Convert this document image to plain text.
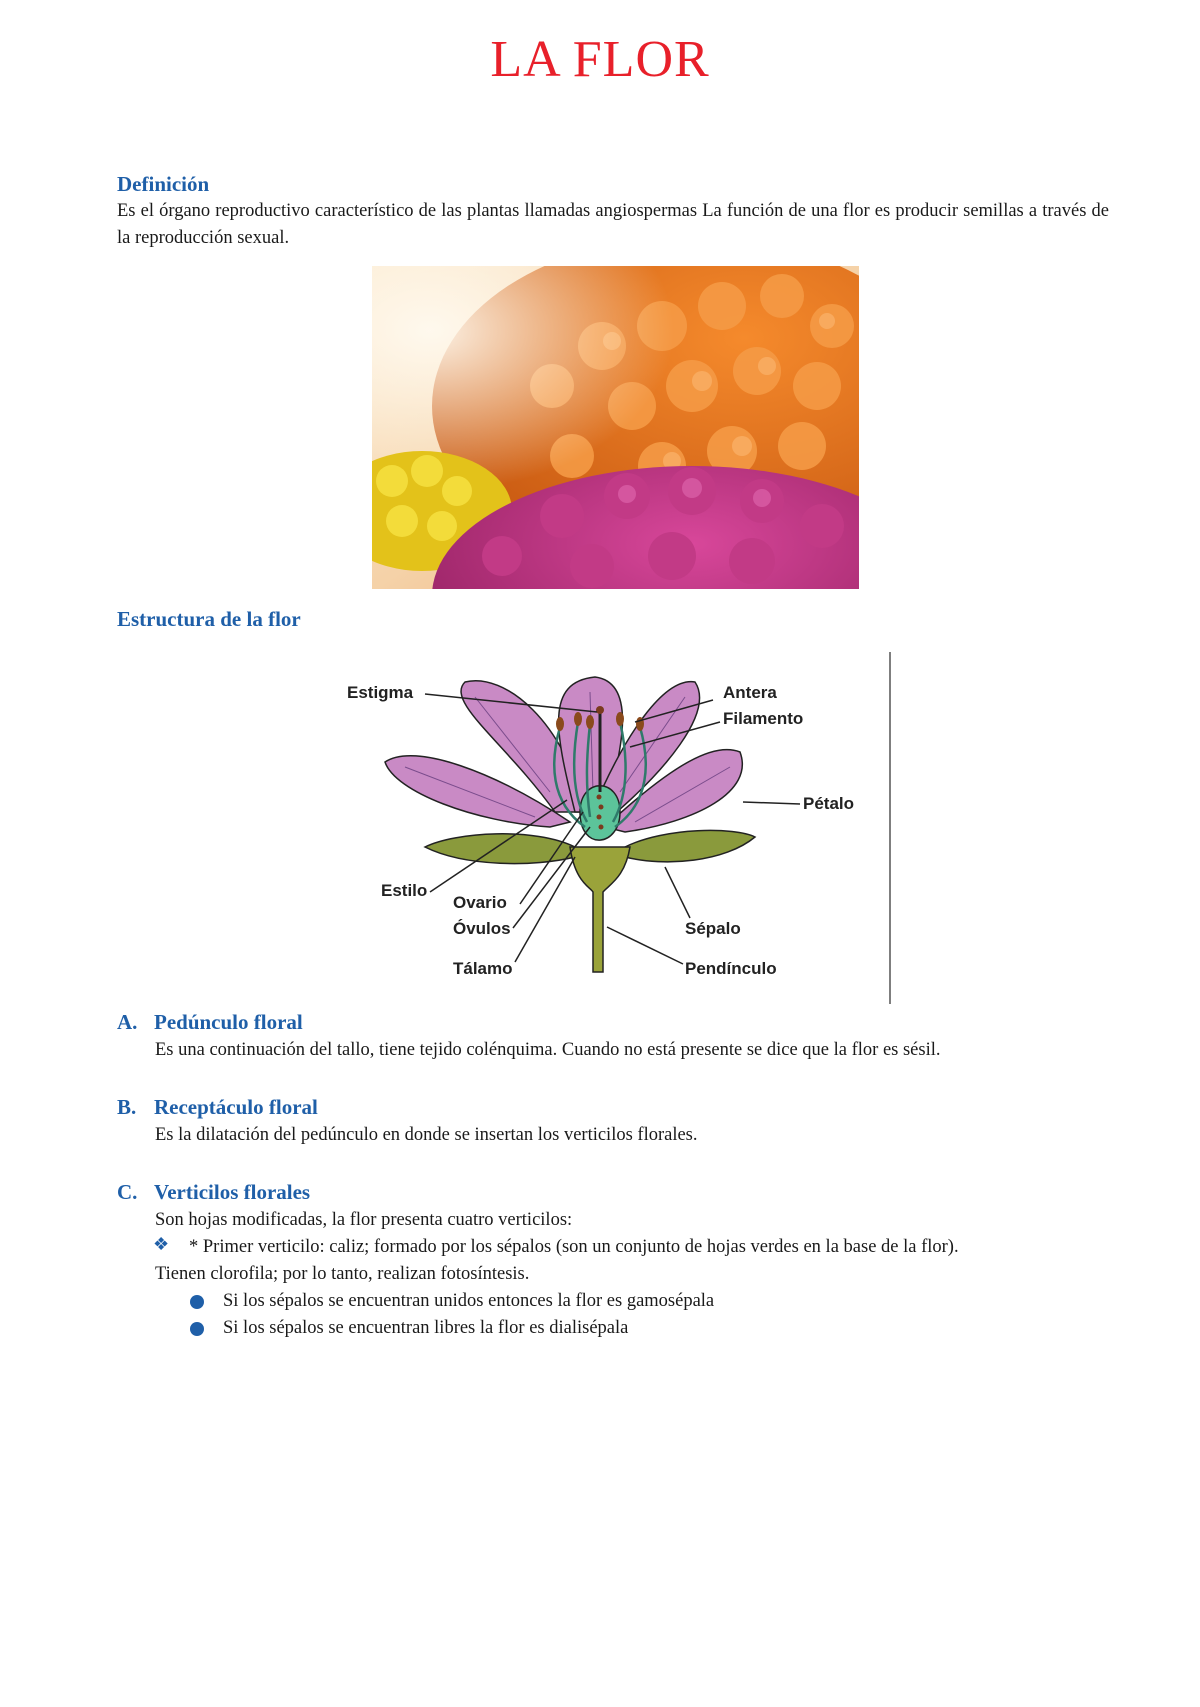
LA FLOR
Definición
Es el órgano reproductivo característico de las plantas llamadas angiospermas La función de una flor es producir semillas a través de la reproducción sexual.
Estructura de la flor
Estigma	Antera
Filamento
Pétalo
Estilo
Ovario
Óvulos	Sépalo
Tálamo	Pendínculo
A. Pedúnculo floral
Es una continuación del tallo, tiene tejido colénquima. Cuando no está presente se dice que la flor es sésil.
B. Receptáculo floral
Es la dilatación del pedúnculo en donde se insertan los verticilos florales.
C. Verticilos florales
Son hojas modificadas, la flor presenta cuatro verticilos:
❖ * Primer verticilo: caliz; formado por los sépalos (son un conjunto de hojas verdes en la base de la flor).
Tienen clorofila; por lo tanto, realizan fotosíntesis.
Si los sépalos se encuentran unidos entonces la flor es gamosépala
Si los sépalos se encuentran libres la flor es dialisépala
